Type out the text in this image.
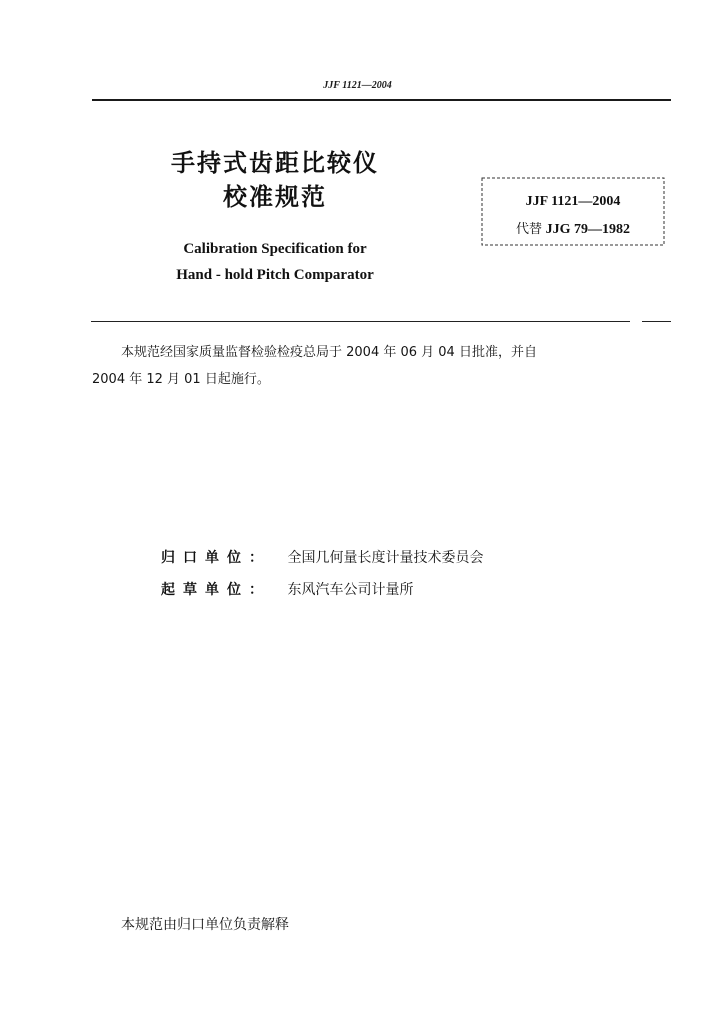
JJF 1121—2004
手持式齿距比较仪
校准规范
Calibration Specification for
Hand - hold Pitch Comparator
JJF 1121—2004
代替 JJG 79—1982
本规范经国家质量监督检验检疫总局于 2004 年 06 月 04 日批准，并自
2004 年 12 月 01 日起施行。
归口单位： 全国几何量长度计量技术委员会
起草单位： 东风汽车公司计量所
本规范由归口单位负责解释
